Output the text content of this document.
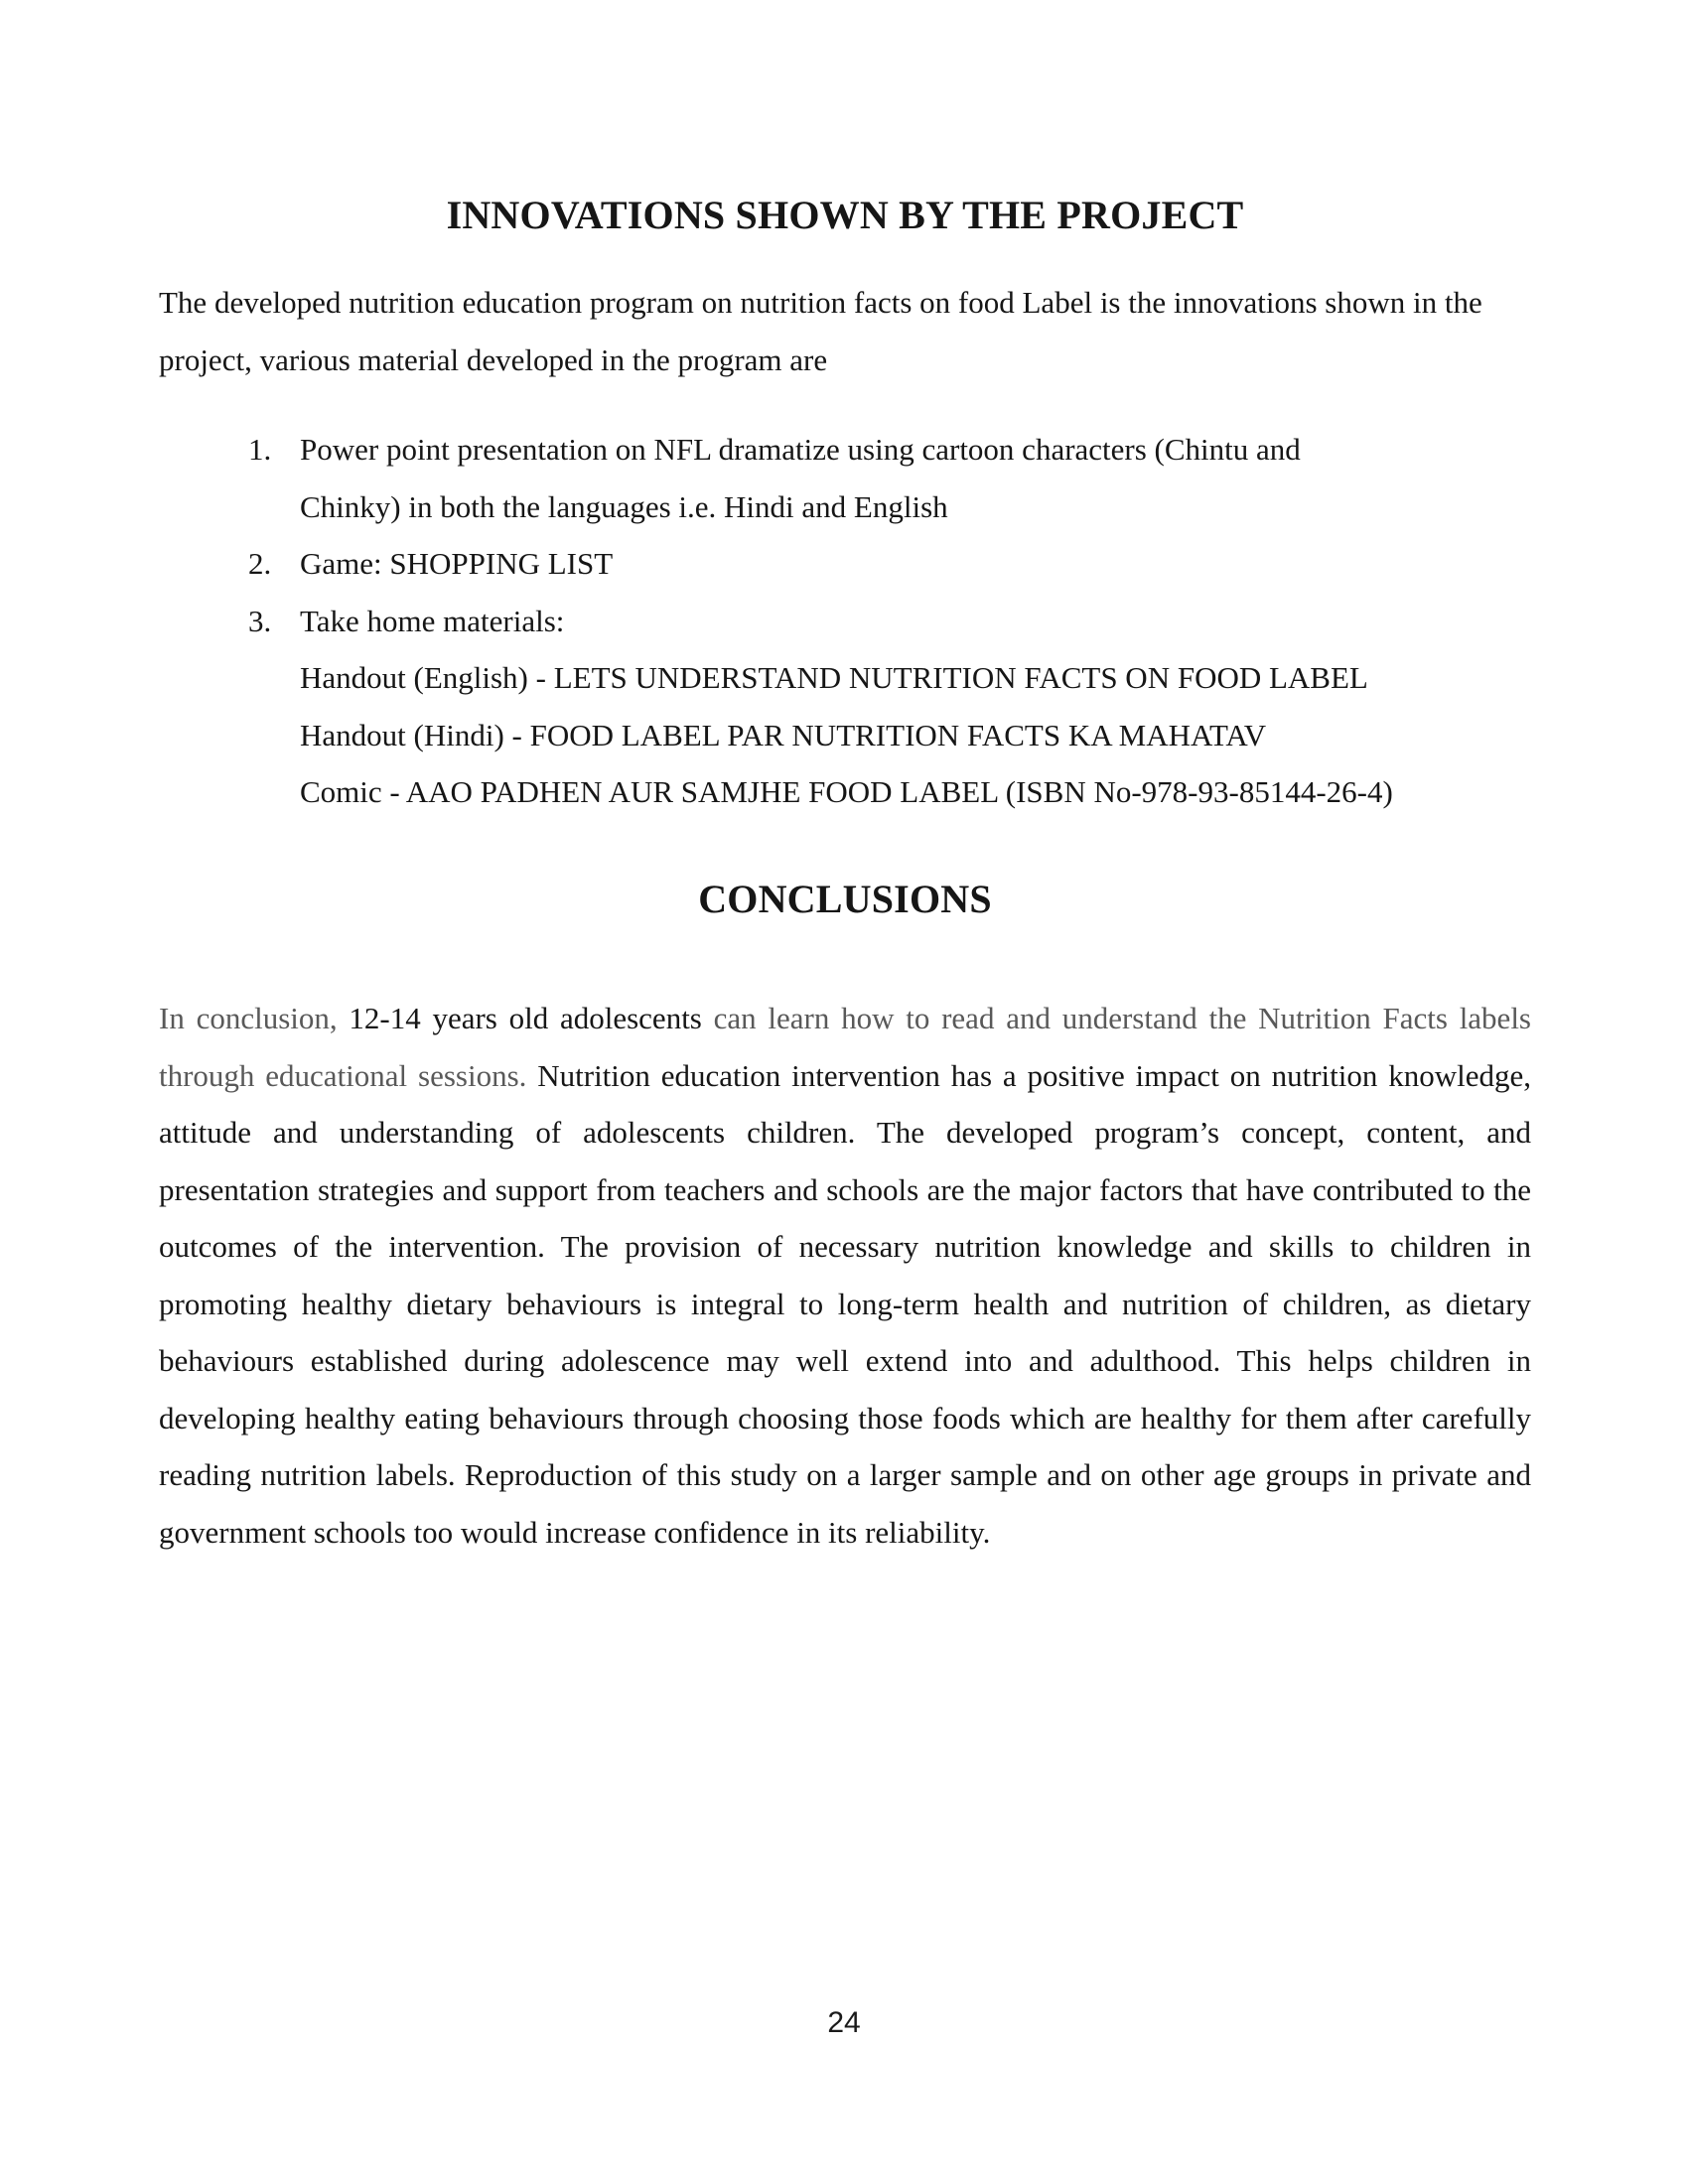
INNOVATIONS SHOWN BY THE PROJECT
The developed nutrition education program on nutrition facts on food Label is the innovations shown in the project, various material developed in the program are
1. Power point presentation on NFL dramatize using cartoon characters (Chintu and Chinky) in both the languages i.e. Hindi and English
2. Game: SHOPPING LIST
3. Take home materials:
Handout (English) - LETS UNDERSTAND NUTRITION FACTS ON FOOD LABEL
Handout (Hindi) - FOOD LABEL PAR NUTRITION FACTS KA MAHATAV
Comic - AAO PADHEN AUR SAMJHE FOOD LABEL (ISBN No-978-93-85144-26-4)
CONCLUSIONS

In conclusion, 12-14 years old adolescents can learn how to read and understand the Nutrition Facts labels through educational sessions. Nutrition education intervention has a positive impact on nutrition knowledge, attitude and understanding of adolescents children. The developed program’s concept, content, and presentation strategies and support from teachers and schools are the major factors that have contributed to the outcomes of the intervention. The provision of necessary nutrition knowledge and skills to children in promoting healthy dietary behaviours is integral to long-term health and nutrition of children, as dietary behaviours established during adolescence may well extend into and adulthood. This helps children in developing healthy eating behaviours through choosing those foods which are healthy for them after carefully reading nutrition labels. Reproduction of this study on a larger sample and on other age groups in private and government schools too would increase confidence in its reliability.

24
